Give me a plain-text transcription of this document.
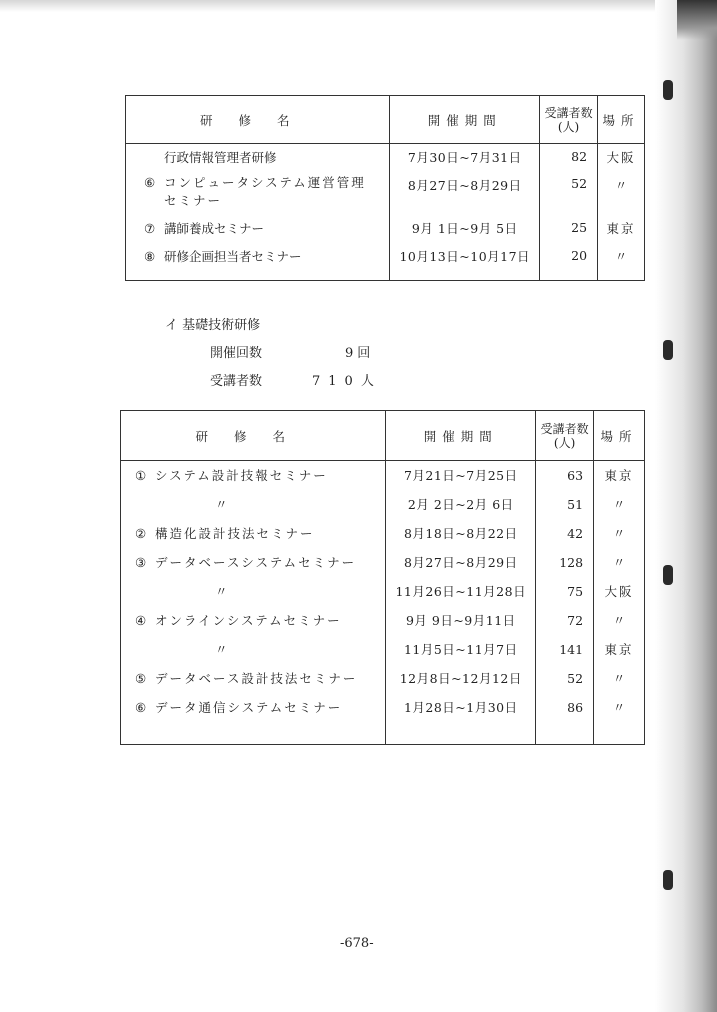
研修名	開催期間	受講者数(人)	場所
行政情報管理者研修	7月30日~7月31日	82	大阪
⑥ コンピュータシステム運営管理
セミナー	8月27日~8月29日	52	〃
⑦ 講師養成セミナー	9月 1日~9月 5日	25	東京
⑧ 研修企画担当者セミナー	10月13日~10月17日	20	〃

イ 基礎技術研修
開催回数	9回
受講者数	710人
研修名	開催期間	受講者数(人)	場所
① システム設計技報セミナー	7月21日~7月25日	63	東京
〃	2月 2日~2月 6日	51	〃
② 構造化設計技法セミナー	8月18日~8月22日	42	〃
③ データベースシステムセミナー	8月27日~8月29日	128	〃
〃	11月26日~11月28日	75	大阪
④ オンラインシステムセミナー	9月 9日~9月11日	72	〃
〃	11月5日~11月7日	141	東京
⑤ データベース設計技法セミナー	12月8日~12月12日	52	〃
⑥ データ通信システムセミナー	1月28日~1月30日	86	〃

-678-
